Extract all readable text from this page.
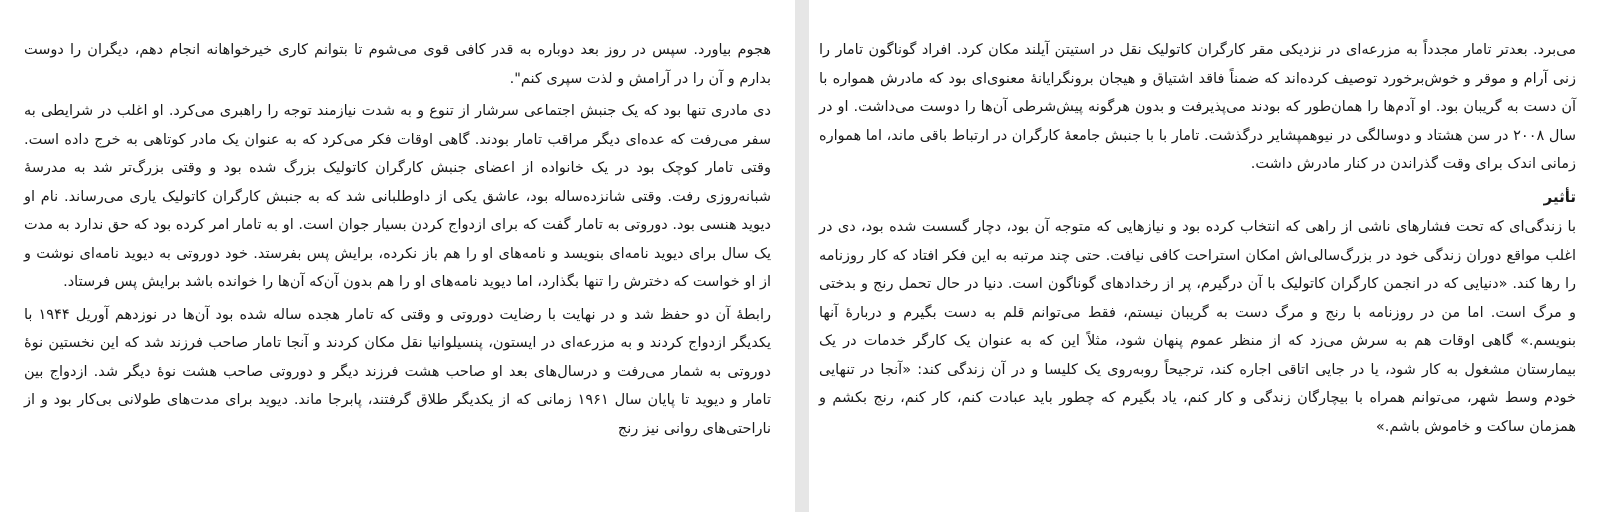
هجوم بیاورد. سپس در روز بعد دوباره به قدر کافی قوی می‌شوم تا بتوانم کاری خیرخواهانه انجام دهم، دیگران را دوست بدارم و آن را در آرامش و لذت سپری کنم".

دی مادری تنها بود که یک جنبش اجتماعی سرشار از تنوع و به شدت نیازمند توجه را راهبری می‌کرد. او اغلب در شرایطی به سفر می‌رفت که عده‌ای دیگر مراقب تامار بودند. گاهی اوقات فکر می‌کرد که به عنوان یک مادر کوتاهی به خرج داده است. وقتی تامار کوچک بود در یک خانواده از اعضای جنبش کارگران کاتولیک بزرگ شده بود و وقتی بزرگ‌تر شد به مدرسهٔ شبانه‌روزی رفت. وقتی شانزده‌ساله بود، عاشق یکی از داوطلبانی شد که به جنبش کارگران کاتولیک یاری می‌رساند. نام او دیوید هنسی بود. دوروتی به تامار گفت که برای ازدواج کردن بسیار جوان است. او به تامار امر کرده بود که حق ندارد به مدت یک سال برای دیوید نامه‌ای بنویسد و نامه‌های او را هم باز نکرده، برایش پس بفرستد. خود دوروتی به دیوید نامه‌ای نوشت و از او خواست که دخترش را تنها بگذارد، اما دیوید نامه‌های او را هم بدون آن‌که آن‌ها را خوانده باشد برایش پس فرستاد.

رابطهٔ آن دو حفظ شد و در نهایت با رضایت دوروتی و وقتی که تامار هجده ساله شده بود آن‌ها در نوزدهم آوریل ۱۹۴۴ با یکدیگر ازدواج کردند و به مزرعه‌ای در ایستون، پنسیلوانیا نقل مکان کردند و آنجا تامار صاحب فرزند شد که این نخستین نوهٔ دوروتی به شمار می‌رفت و درسال‌های بعد او صاحب هشت فرزند دیگر و دوروتی صاحب هشت نوهٔ دیگر شد. ازدواج بین تامار و دیوید تا پایان سال ۱۹۶۱ زمانی که از یکدیگر طلاق گرفتند، پابرجا ماند. دیوید برای مدت‌های طولانی بی‌کار بود و از ناراحتی‌های روانی نیز رنج

می‌برد. بعدتر تامار مجدداً به مزرعه‌ای در نزدیکی مقر کارگران کاتولیک نقل در استیتن آیلند مکان کرد. افراد گوناگون تامار را زنی آرام و موقر و خوش‌برخورد توصیف کرده‌اند که ضمناً فاقد اشتیاق و هیجان برونگرایانهٔ معنوی‌ای بود که مادرش همواره با آن دست به گریبان بود. او آدم‌ها را همان‌طور که بودند می‌پذیرفت و بدون هرگونه پیش‌شرطی آن‌ها را دوست می‌داشت. او در سال ۲۰۰۸ در سن هشتاد و دوسالگی در نیوهمپشایر درگذشت. تامار با با جنبش جامعهٔ کارگران در ارتباط باقی ماند، اما همواره زمانی اندک برای وقت گذراندن در کنار مادرش داشت.

تأثیر

با زندگی‌ای که تحت فشارهای ناشی از راهی که انتخاب کرده بود و نیازهایی که متوجه آن بود، دچار گسست شده بود، دی در اغلب مواقع دوران زندگی خود در بزرگ‌سالی‌اش امکان استراحت کافی نیافت. حتی چند مرتبه به این فکر افتاد که کار روزنامه را رها کند. «دنیایی که در انجمن کارگران کاتولیک با آن درگیرم، پر از رخدادهای گوناگون است. دنیا در حال تحمل رنج و بدختی و مرگ است. اما من در روزنامه با رنج و مرگ دست به گریبان نیستم، فقط می‌توانم قلم به دست بگیرم و دربارهٔ آنها بنویسم.» گاهی اوقات هم به سرش می‌زد که از منظر عموم پنهان شود، مثلاً این که به عنوان یک کارگر خدمات در یک بیمارستان مشغول به کار شود، یا در جایی اتاقی اجاره کند، ترجیحاً روبه‌روی یک کلیسا و در آن زندگی کند: «آنجا در تنهایی خودم وسط شهر، می‌توانم همراه با بیچارگان زندگی و کار کنم، یاد بگیرم که چطور باید عبادت کنم، کار کنم، رنج بکشم و همزمان ساکت و خاموش باشم.»
